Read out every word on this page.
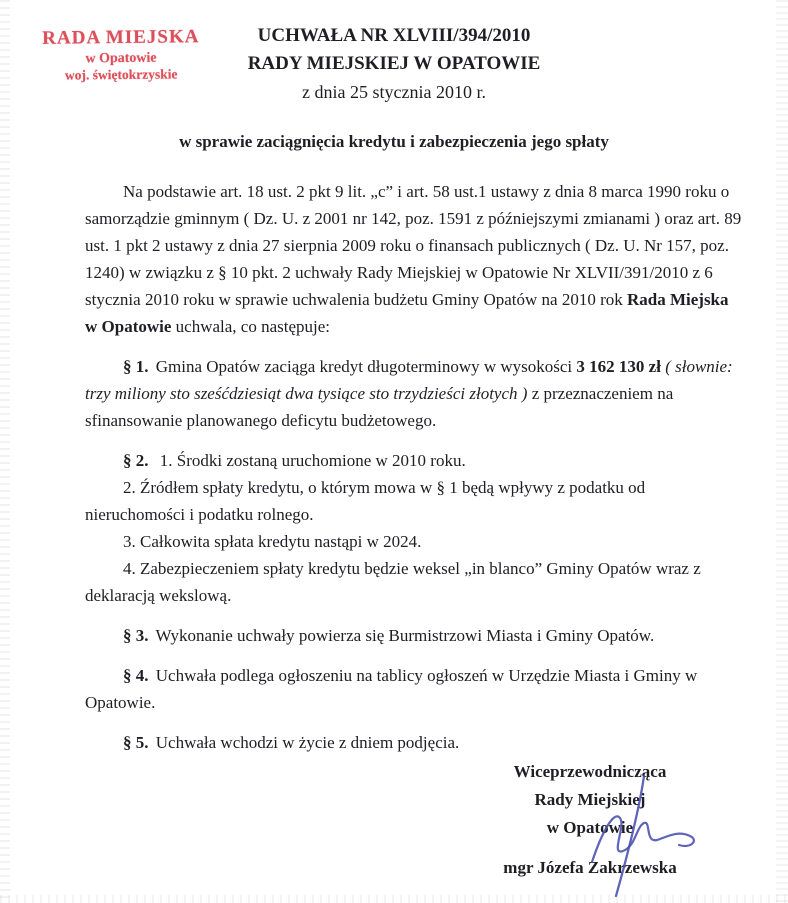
RADA MIEJSKA
w Opatowie
woj. świętokrzyskie
UCHWAŁA NR XLVIII/394/2010
RADY MIEJSKIEJ W OPATOWIE
z dnia 25 stycznia 2010 r.
w sprawie zaciągnięcia kredytu i zabezpieczenia jego spłaty

Na podstawie art. 18 ust. 2 pkt 9 lit. „c” i art. 58 ust.1 ustawy z dnia 8 marca 1990 roku o samorządzie gminnym ( Dz. U. z 2001 nr 142, poz. 1591 z późniejszymi zmianami ) oraz art. 89 ust. 1 pkt 2 ustawy z dnia 27 sierpnia 2009 roku o finansach publicznych ( Dz. U. Nr 157, poz. 1240) w związku z § 10 pkt. 2 uchwały Rady Miejskiej w Opatowie Nr XLVII/391/2010 z 6 stycznia 2010 roku w sprawie uchwalenia budżetu Gminy Opatów na 2010 rok Rada Miejska w Opatowie uchwala, co następuje:

§ 1. Gmina Opatów zaciąga kredyt długoterminowy w wysokości 3 162 130 zł ( słownie: trzy miliony sto sześćdziesiąt dwa tysiące sto trzydzieści złotych ) z przeznaczeniem na sfinansowanie planowanego deficytu budżetowego.

§ 2. 1. Środki zostaną uruchomione w 2010 roku.

2. Źródłem spłaty kredytu, o którym mowa w § 1 będą wpływy z podatku od nieruchomości i podatku rolnego.

3. Całkowita spłata kredytu nastąpi w 2024.

4. Zabezpieczeniem spłaty kredytu będzie weksel „in blanco” Gminy Opatów wraz z deklaracją wekslową.

§ 3. Wykonanie uchwały powierza się Burmistrzowi Miasta i Gminy Opatów.

§ 4. Uchwała podlega ogłoszeniu na tablicy ogłoszeń w Urzędzie Miasta i Gminy w Opatowie.

§ 5. Uchwała wchodzi w życie z dniem podjęcia.

Wiceprzewodnicząca
Rady Miejskiej
w Opatowie
mgr Józefa Zakrzewska
